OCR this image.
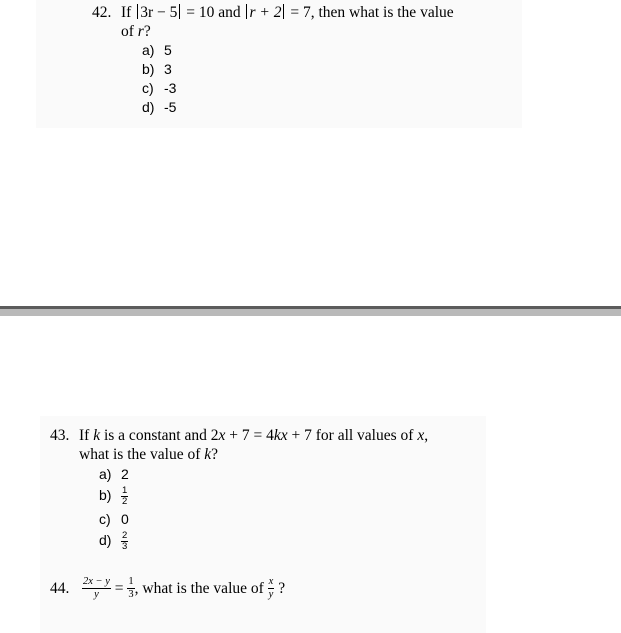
42. If 3r − 5 = 10 and r + 2 = 7, then what is the value
of r?
a) 5
b) 3
c) -3
d) -5
43. If k is a constant and 2x + 7 = 4kx + 7 for all values of x,
what is the value of k?
a) 2
$b) \frac{1}{2}$
c) 0
$d) \frac{2}{3}$
44. $\frac{2x - y}{y} = \frac{1}{3}$ , what is the value of $\frac{x}{y}$ ?
